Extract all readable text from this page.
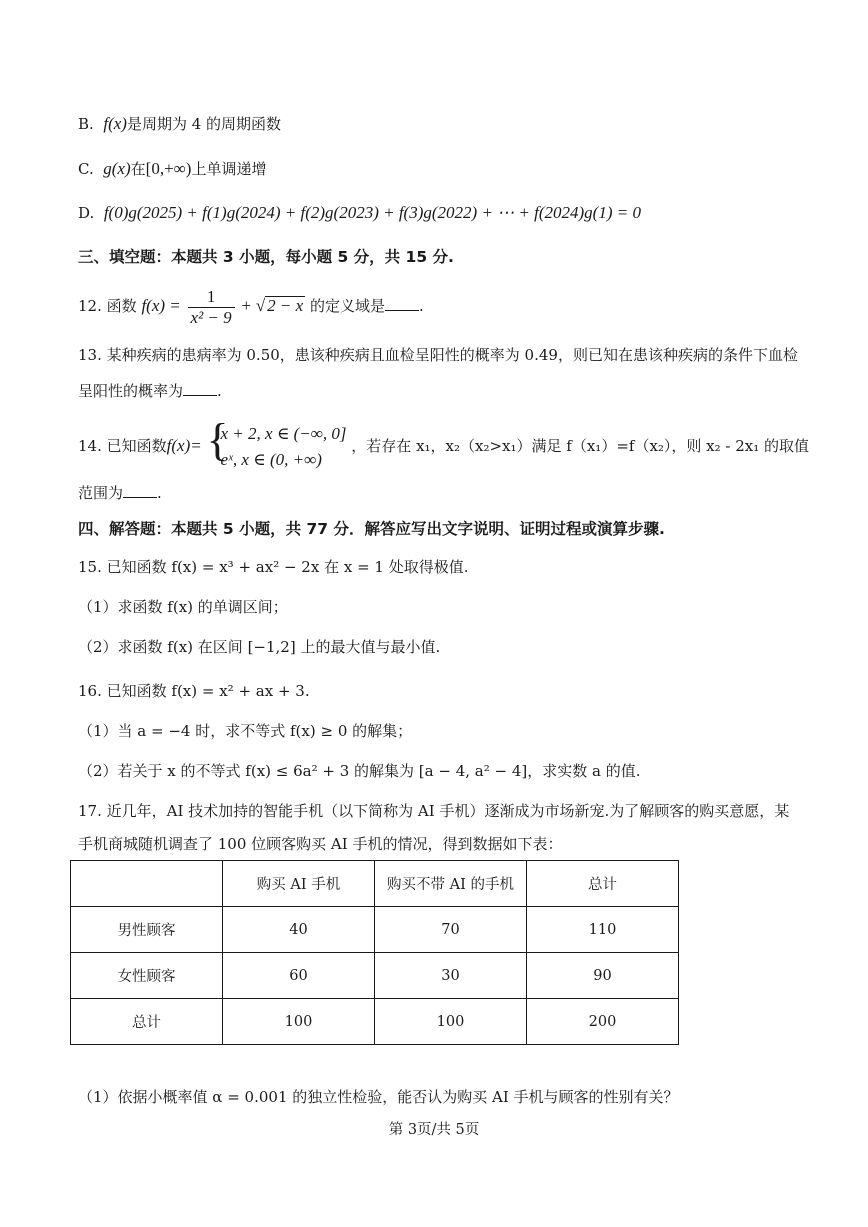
B. f(x)是周期为 4 的周期函数
C. g(x)在[0,+∞)上单调递增
D. f(0)g(2025) + f(1)g(2024) + f(2)g(2023) + f(3)g(2022) + ⋯ + f(2024)g(1) = 0
三、填空题：本题共 3 小题，每小题 5 分，共 15 分.
12. 函数 $f(x) = \frac{1}{\text{x² − 9}}$ + √ 2 − x 的定义域是 .
13. 某种疾病的患病率为 0.50，患该种疾病且血检呈阳性的概率为 0.49，则已知在患该种疾病的条件下血检
呈阳性的概率为 .
14. 已知函数f(x)= {
x + 2, x ∈ (−∞, 0]
eˣ, x ∈ (0, +∞)
，若存在 x₁，x₂（x₂>x₁）满足 f（x₁）=f（x₂），则 x₂ - 2x₁ 的取值
范围为 .
四、解答题：本题共 5 小题，共 77 分．解答应写出文字说明、证明过程或演算步骤.
15. 已知函数 f(x) = x³ + ax² − 2x 在 x = 1 处取得极值.
（1）求函数 f(x) 的单调区间；
（2）求函数 f(x) 在区间 [−1,2] 上的最大值与最小值.
16. 已知函数 f(x) = x² + ax + 3.
（1）当 a = −4 时，求不等式 f(x) ≥ 0 的解集；
（2）若关于 x 的不等式 f(x) ≤ 6a² + 3 的解集为 [a − 4, a² − 4]，求实数 a 的值.
17. 近几年，AI 技术加持的智能手机（以下简称为 AI 手机）逐渐成为市场新宠.为了解顾客的购买意愿，某
手机商城随机调查了 100 位顾客购买 AI 手机的情况，得到数据如下表：
	购买 AI 手机	购买不带 AI 的手机	总计
男性顾客	40	70	110
女性顾客	60	30	90
总计	100	100	200
（1）依据小概率值 α = 0.001 的独立性检验，能否认为购买 AI 手机与顾客的性别有关？
第 3页/共 5页
